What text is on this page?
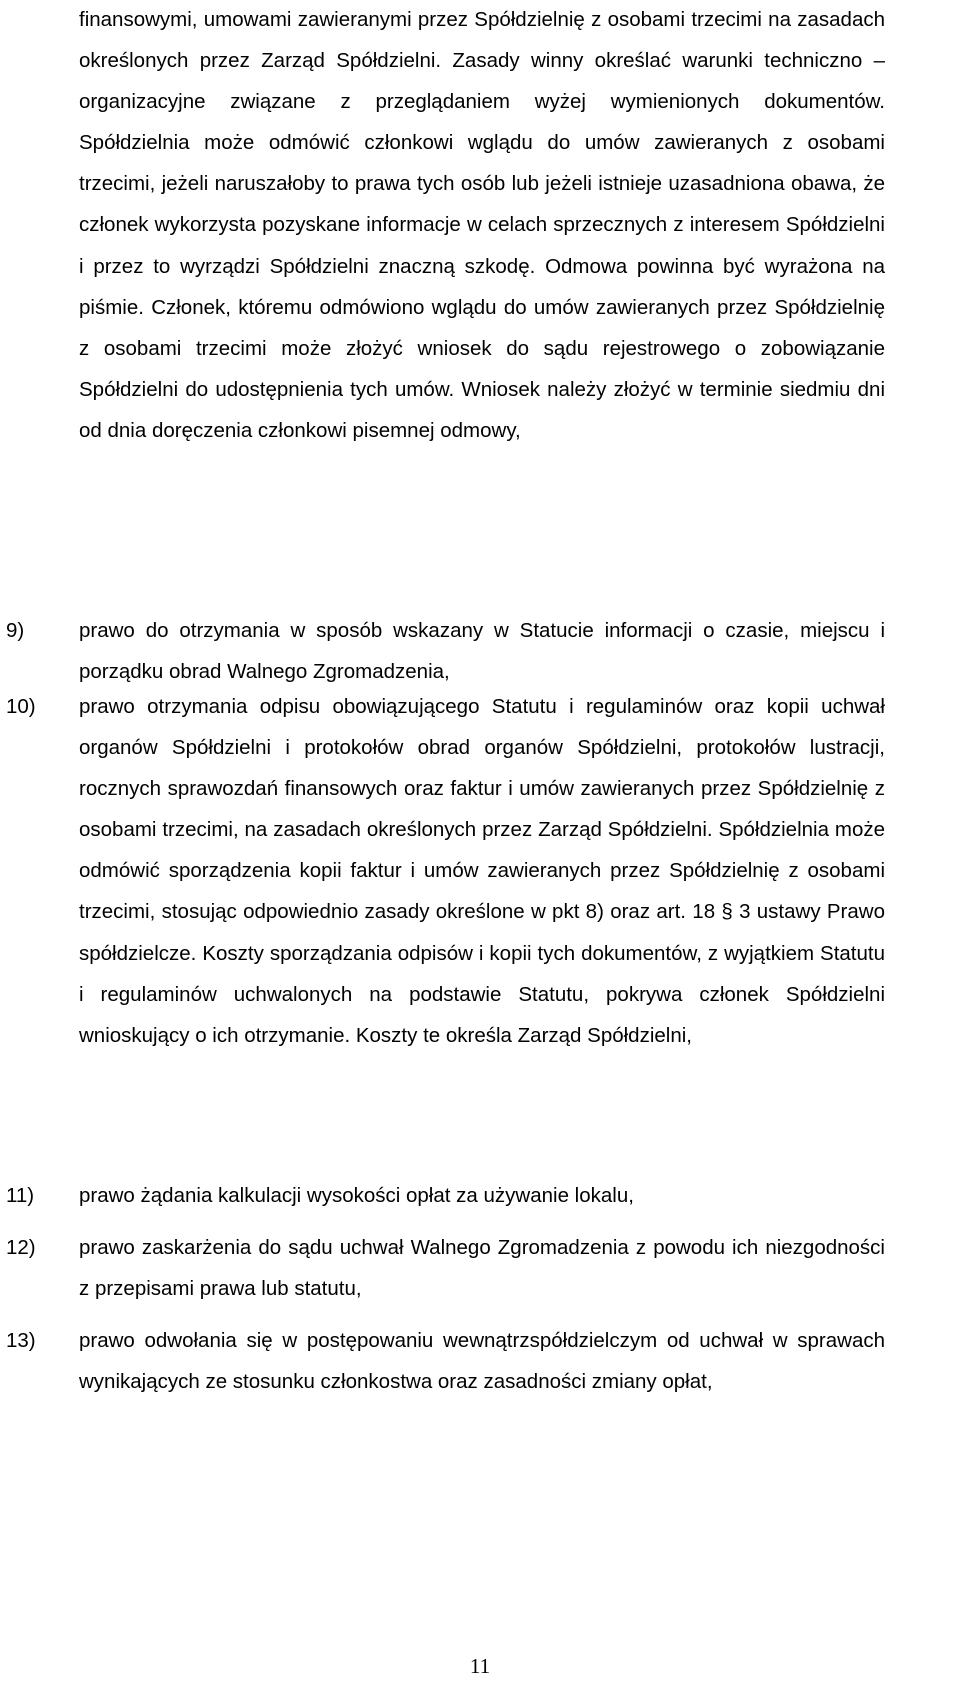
finansowymi, umowami zawieranymi przez Spółdzielnię z osobami trzecimi na zasadach określonych przez Zarząd Spółdzielni. Zasady winny określać warunki techniczno – organizacyjne związane z przeglądaniem wyżej wymienionych dokumentów. Spółdzielnia może odmówić członkowi wglądu do umów zawieranych z osobami trzecimi, jeżeli naruszałoby to prawa tych osób lub jeżeli istnieje uzasadniona obawa, że członek wykorzysta pozyskane informacje w celach sprzecznych z interesem Spółdzielni i przez to wyrządzi Spółdzielni znaczną szkodę. Odmowa powinna być wyrażona na piśmie. Członek, któremu odmówiono wglądu do umów zawieranych przez Spółdzielnię z osobami trzecimi może złożyć wniosek do sądu rejestrowego o zobowiązanie Spółdzielni do udostępnienia tych umów. Wniosek należy złożyć w terminie siedmiu dni od dnia doręczenia członkowi pisemnej odmowy,

9)	prawo do otrzymania w sposób wskazany w Statucie informacji o czasie, miejscu i porządku obrad Walnego Zgromadzenia,

10) prawo otrzymania odpisu obowiązującego Statutu i regulaminów oraz kopii uchwał organów Spółdzielni i protokołów obrad organów Spółdzielni, protokołów lustracji, rocznych sprawozdań finansowych oraz faktur i umów zawieranych przez Spółdzielnię z osobami trzecimi, na zasadach określonych przez Zarząd Spółdzielni. Spółdzielnia może odmówić sporządzenia kopii faktur i umów zawieranych przez Spółdzielnię z osobami trzecimi, stosując odpowiednio zasady określone w pkt 8) oraz art. 18 § 3 ustawy Prawo spółdzielcze. Koszty sporządzania odpisów i kopii tych dokumentów, z wyjątkiem Statutu i regulaminów uchwalonych na podstawie Statutu, pokrywa członek Spółdzielni wnioskujący o ich otrzymanie. Koszty te określa Zarząd Spółdzielni,

11) prawo żądania kalkulacji wysokości opłat za używanie lokalu,

12) prawo zaskarżenia do sądu uchwał Walnego Zgromadzenia z powodu ich niezgodności z przepisami prawa lub statutu,

13) prawo odwołania się w postępowaniu wewnątrzspółdzielczym od uchwał w sprawach wynikających ze stosunku członkostwa oraz zasadności zmiany opłat,

11
